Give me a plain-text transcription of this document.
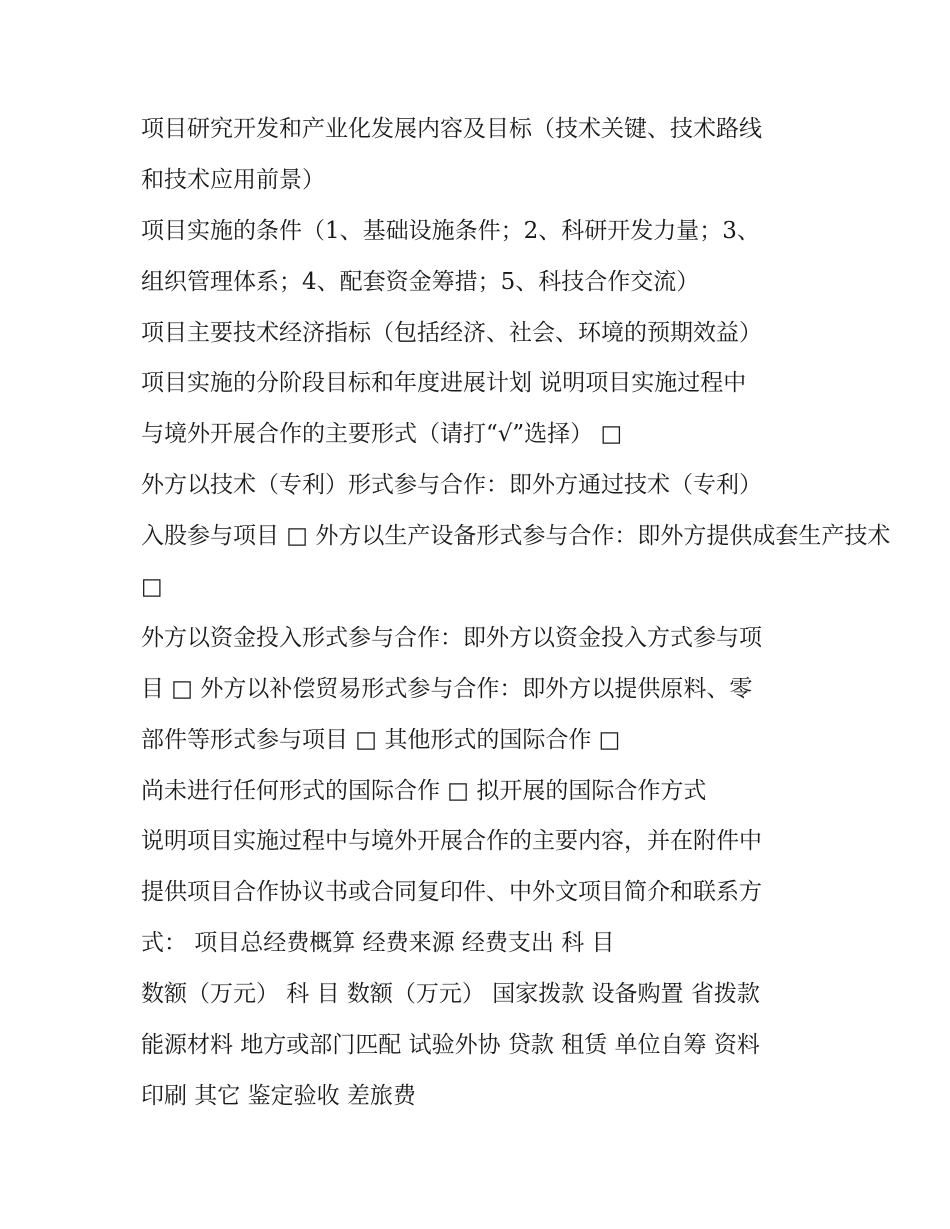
项目研究开发和产业化发展内容及目标（技术关键、技术路线
和技术应用前景）
项目实施的条件（1、基础设施条件；2、科研开发力量；3、
组织管理体系；4、配套资金筹措；5、科技合作交流）
项目主要技术经济指标（包括经济、社会、环境的预期效益）
项目实施的分阶段目标和年度进展计划 说明项目实施过程中
与境外开展合作的主要形式（请打“√”选择） □
外方以技术（专利）形式参与合作：即外方通过技术（专利）
入股参与项目 □ 外方以生产设备形式参与合作：即外方提供成套生产技术
□
外方以资金投入形式参与合作：即外方以资金投入方式参与项
目 □ 外方以补偿贸易形式参与合作：即外方以提供原料、零
部件等形式参与项目 □ 其他形式的国际合作 □
尚未进行任何形式的国际合作 □ 拟开展的国际合作方式
说明项目实施过程中与境外开展合作的主要内容，并在附件中
提供项目合作协议书或合同复印件、中外文项目简介和联系方
式： 项目总经费概算 经费来源 经费支出 科 目
数额（万元） 科 目 数额（万元） 国家拨款 设备购置 省拨款
能源材料 地方或部门匹配 试验外协 贷款 租赁 单位自筹 资料
印刷 其它 鉴定验收 差旅费
